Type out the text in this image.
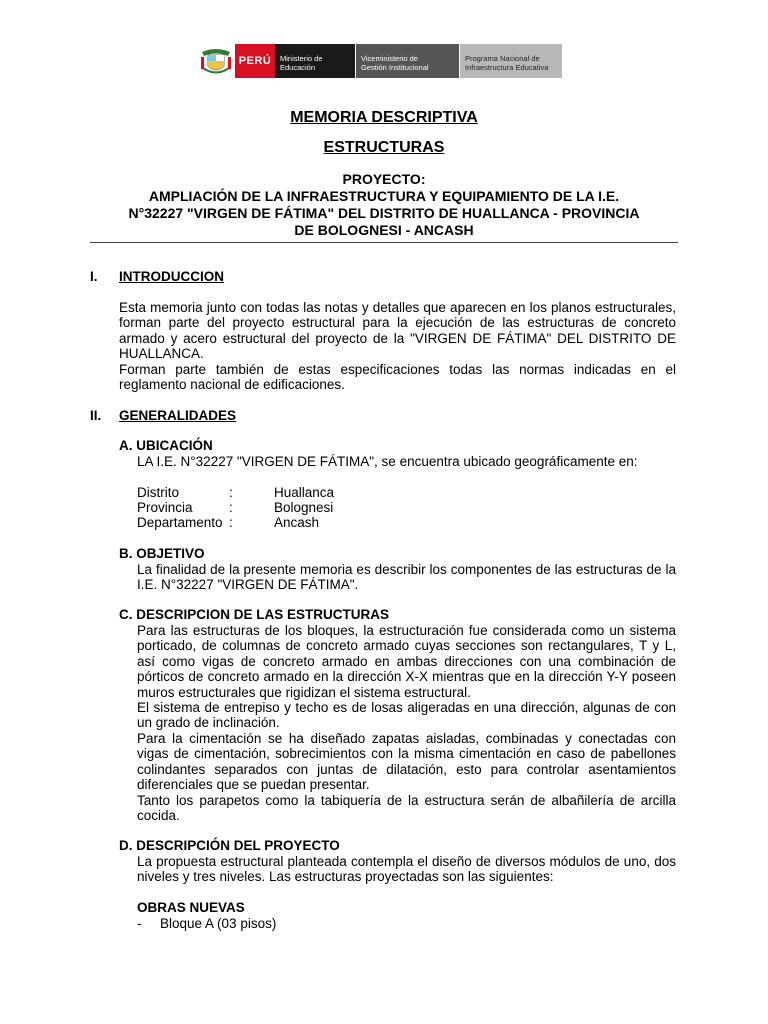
PERÚ	Ministerio de
Educación
Viceministerio de
Gestión Institucional
Programa Nacional de
Infraestructura Educativa
MEMORIA DESCRIPTIVA
ESTRUCTURAS
PROYECTO:
AMPLIACIÓN DE LA INFRAESTRUCTURA Y EQUIPAMIENTO DE LA I.E.
N°32227 "VIRGEN DE FÁTIMA" DEL DISTRITO DE HUALLANCA - PROVINCIA
DE BOLOGNESI - ANCASH
I. INTRODUCCION

Esta memoria junto con todas las notas y detalles que aparecen en los planos estructurales, forman parte del proyecto estructural para la ejecución de las estructuras de concreto armado y acero estructural del proyecto de la "VIRGEN DE FÁTIMA" DEL DISTRITO DE HUALLANCA.

Forman parte también de estas especificaciones todas las normas indicadas en el reglamento nacional de edificaciones.

II. GENERALIDADES
A. UBICACIÓN

LA I.E. N°32227 "VIRGEN DE FÁTIMA", se encuentra ubicado geográficamente en:

Distrito	:	Huallanca
Provincia	:	Bolognesi
Departamento :	Ancash
B. OBJETIVO

La finalidad de la presente memoria es describir los componentes de las estructuras de la I.E. N°32227 "VIRGEN DE FÁTIMA".

C. DESCRIPCION DE LAS ESTRUCTURAS

Para las estructuras de los bloques, la estructuración fue considerada como un sistema porticado, de columnas de concreto armado cuyas secciones son rectangulares, T y L, así como vigas de concreto armado en ambas direcciones con una combinación de pórticos de concreto armado en la dirección X-X mientras que en la dirección Y-Y poseen muros estructurales que rigidizan el sistema estructural.

El sistema de entrepiso y techo es de losas aligeradas en una dirección, algunas de con un grado de inclinación.

Para la cimentación se ha diseñado zapatas aisladas, combinadas y conectadas con vigas de cimentación, sobrecimientos con la misma cimentación en caso de pabellones colindantes separados con juntas de dilatación, esto para controlar asentamientos diferenciales que se puedan presentar.

Tanto los parapetos como la tabiquería de la estructura serán de albañilería de arcilla cocida.

D. DESCRIPCIÓN DEL PROYECTO

La propuesta estructural planteada contempla el diseño de diversos módulos de uno, dos niveles y tres niveles. Las estructuras proyectadas son las siguientes:

OBRAS NUEVAS
- Bloque A (03 pisos)
